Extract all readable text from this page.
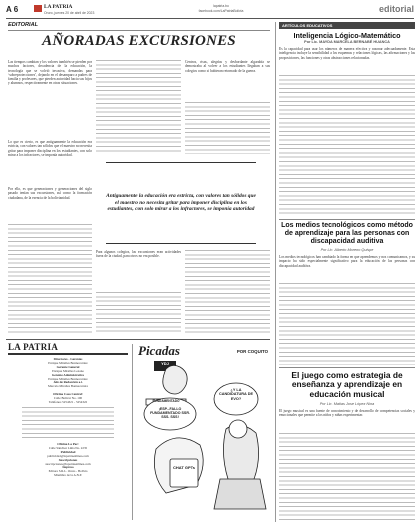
A 6	LA PATRIA
Oruro, jueves 20 de abril de 2023
lapatria.bo
facebook.com/LaPatriaBolivia	editorial
EDITORIAL
AÑORADAS EXCURSIONES
Las tiempos cambian y los valores también se pierden por muchos factores, decadencia de la educación, la tecnología que se volvió invasiva, demandas para ‘sobreprotecciones’, dejando en el desamparo a padres de familia y profesores, que pierden autoridad hacia sus hijos y alumnos, respectivamente en otras situaciones.
Lo que es cierto, es que antiguamente la educación era estricta, con valores tan sólidos que el maestro no necesita gritar para imponer disciplina en los estudiantes, con solo mirar a los infractores, se imponía autoridad.
Por ello, es que generaciones y generaciones del siglo pasado tenían sus excursiones, así como la formación ciudadana, de la esencia de la bolivianidad.
Para algunos colegios, las excursiones eran actividades fuera de la ciudad, para otros no era posible.
Centros, risas, alegrías y desbordante algarabía se demostraba al volver a los estudiantes llegaban a sus colegios como si hubieran retornado de la guerra.
Antiguamente la educación era estricta, con valores tan sólidos que el maestro no necesita gritar para imponer disciplina en los estudiantes, con solo mirar a los infractores, se imponía autoridad
LA PATRIA
Directores - Gerentes
Enrique Miralles Bonnecarrère
Gerente General
Enrique Miralles Lozano
Gerente Administrativo
Enrique Miralles Bonnecarrère
Jefe de Redacción a.i.
Marcelo Miralles Bonnecarrère
Oficina Casa Central:
Calle Bolívar No. 100
Teléfonos 5254321 - 5254322
Oficina La Paz:
Calle Sánchez Lima No. 2235
Publicidad
publicidad@lapatriaenlinea.com
Suscripciones
suscripciones@lapatriaenlinea.com
Impreso
Editora S.R.L. Oruro - Bolivia
Miembro de la A.N.P.
Picadas	POR COQUITO
YDJ
FUNDAMENTADO
¡ESP...FALLO FUNDAMENTADO SSR. SSS. SSS!
¿Y LA CANDIDATURA DE EVO?
CHAT GPTs
ARTÍCULOS EDUCATIVOS
Inteligencia Lógico-Matemático
Por Lic. MAYDA MARCELA BERNABÉ HUANCA
Es la capacidad para usar los números de manera efectiva y razonar adecuadamente. Esta inteligencia incluye la sensibilidad a los esquemas y relaciones lógicas, las afirmaciones y las proposiciones, las funciones y otras abstracciones relacionadas.
Los medios tecnológicos como método de aprendizaje para las personas con discapacidad auditiva
Por Lic. Alberto Moreno Quispe
Los medios tecnológicos han cambiado la forma en que aprendemos y nos comunicamos, y su impacto ha sido especialmente significativo para la educación de las personas con discapacidad auditiva.
El juego como estrategia de enseñanza y aprendizaje en educación musical
Por Lic. Matias Jose López Nina
El juego musical es una fuente de conocimiento y de desarrollo de competencias sociales y emocionales que permite a los niños y niñas experimentar.
